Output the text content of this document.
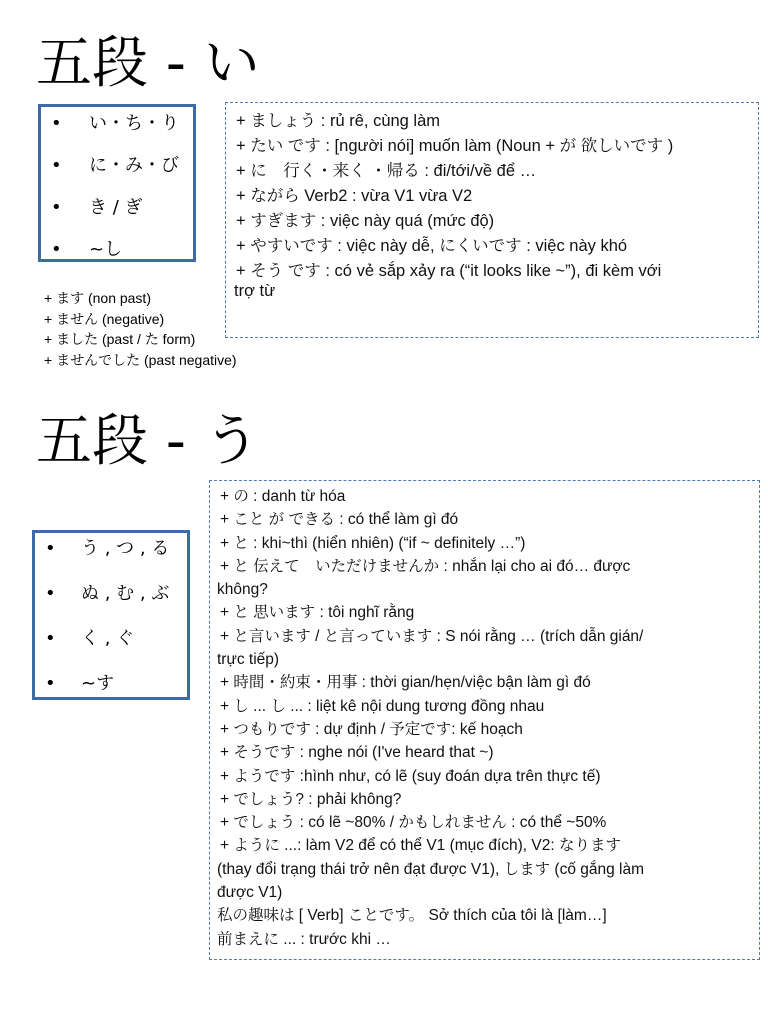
五段 - い
• い・ち・り
• に・み・び
• き / ぎ
• ~し
+ ます (non past)
+ ません (negative)
+ ました (past / た form)
+ ませんでした (past negative)
+ ましょう : rủ rê, cùng làm
+ たい です : [người nói] muốn làm (Noun + が 欲しいです )
+ に　行く・来く ・帰る : đi/tới/về để …
+ ながら Verb2 : vừa V1 vừa V2
+ すぎます : việc này quá (mức độ)
+ やすいです : việc này dễ, にくいです : việc này khó
+ そう です : có vẻ sắp xảy ra (“it looks like ~”), đi kèm với
trợ từ
五段 - う
• う , つ , る
• ぬ , む , ぶ
• く , ぐ
• ~す
+ の : danh từ hóa
+ こと が できる : có thể làm gì đó
+ と : khi~thì (hiển nhiên) (“if ~ definitely …”)
+ と 伝えて　いただけませんか : nhắn lại cho ai đó… được
không?
+ と 思います : tôi nghĩ rằng
+ と言います / と言っています : S nói rằng … (trích dẫn gián/
trực tiếp)
+ 時間・約束・用事 : thời gian/hẹn/việc bận làm gì đó
+ し ... し ... : liệt kê nội dung tương đồng nhau
+ つもりです : dự định / 予定です: kế hoạch
+ そうです : nghe nói (I've heard that ~)
+ ようです :hình như, có lẽ (suy đoán dựa trên thực tế)
+ でしょう? : phải không?
+ でしょう : có lẽ ~80% / かもしれません : có thể ~50%
+ ように ...: làm V2 để có thể V1 (mục đích), V2: なります
(thay đổi trạng thái trở nên đạt được V1), します (cố gắng làm
được V1)
私の趣味は [ Verb] ことです。 Sở thích của tôi là [làm…]
前まえに ... : trước khi …
